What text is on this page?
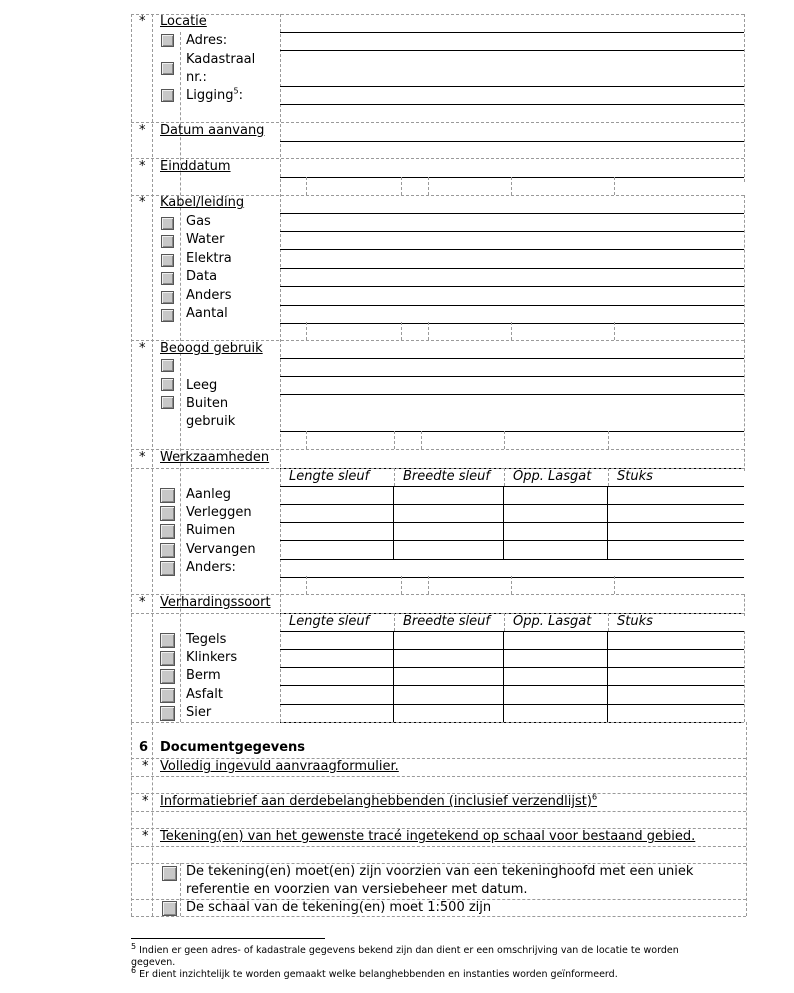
* Locatie
Adres:
Kadastraal
nr.:
Ligging$^5$:
* Datum aanvang
* Einddatum
* Kabel/leiding
Gas
Water
Elektra
Data
Anders
Aantal
* Beoogd gebruik
Leeg
Buiten
gebruik
* Werkzaamheden
Lengte sleuf	Breedte sleuf Opp. Lasgat Stuks
Aanleg
Verleggen
Ruimen
Vervangen
Anders:
* Verhardingssoort
Lengte sleuf	Breedte sleuf Opp. Lasgat Stuks
Tegels
Klinkers
Berm
Asfalt
Sier
6 Documentgegevens
* Volledig ingevuld aanvraagformulier.
* Informatiebrief aan derdebelanghebbenden (inclusief verzendlijst)$^6$
* Tekening(en) van het gewenste tracé ingetekend op schaal voor bestaand gebied.
De tekening(en) moet(en) zijn voorzien van een tekeninghoofd met een uniek
referentie en voorzien van versiebeheer met datum.
De schaal van de tekening(en) moet 1:500 zijn
$^5$ Indien er geen adres- of kadastrale gegevens bekend zijn dan dient er een omschrijving van de locatie te worden gegeven.
$^6$ Er dient inzichtelijk te worden gemaakt welke belanghebbenden en instanties worden geïnformeerd.
